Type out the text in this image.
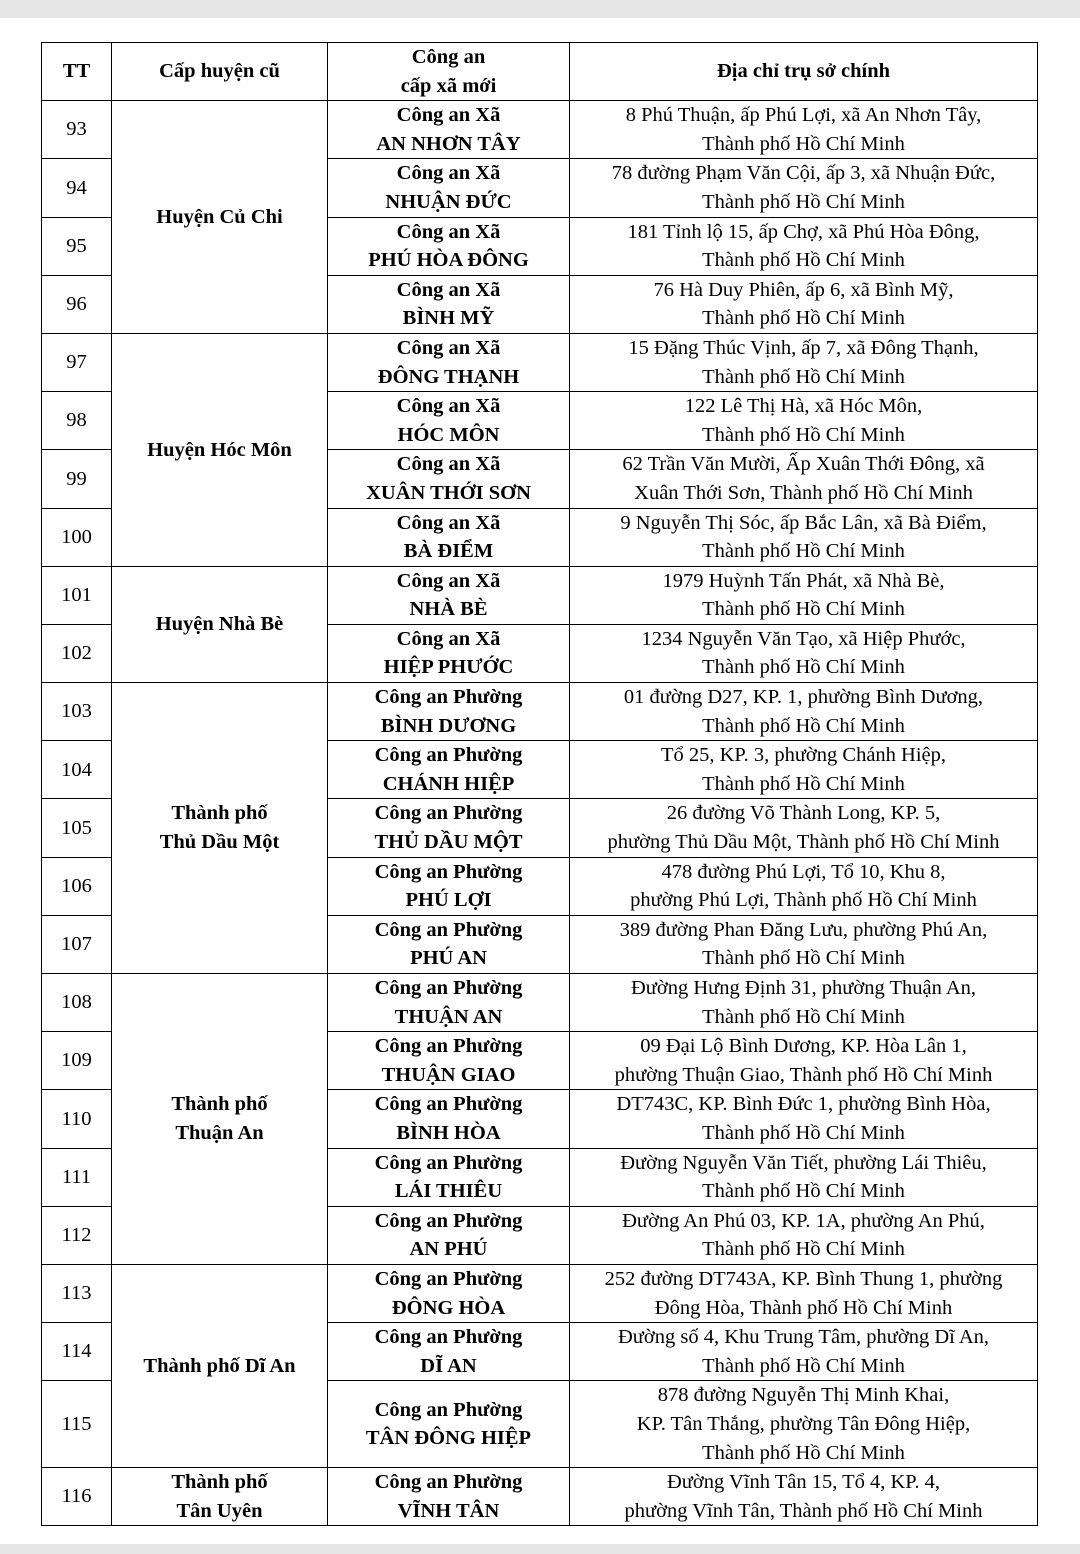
TT	Cấp huyện cũ	Công an
cấp xã mới	Địa chỉ trụ sở chính
93	Huyện Củ Chi	Công an Xã
AN NHƠN TÂY	8 Phú Thuận, ấp Phú Lợi, xã An Nhơn Tây,
Thành phố Hồ Chí Minh

94		Công an Xã
NHUẬN ĐỨC	78 đường Phạm Văn Cội, ấp 3, xã Nhuận Đức,
Thành phố Hồ Chí Minh

95		Công an Xã
PHÚ HÒA ĐÔNG	181 Tỉnh lộ 15, ấp Chợ, xã Phú Hòa Đông,
Thành phố Hồ Chí Minh

96		Công an Xã
BÌNH MỸ	76 Hà Duy Phiên, ấp 6, xã Bình Mỹ,
Thành phố Hồ Chí Minh

97	Huyện Hóc Môn	Công an Xã
ĐÔNG THẠNH	15 Đặng Thúc Vịnh, ấp 7, xã Đông Thạnh,
Thành phố Hồ Chí Minh

98		Công an Xã
HÓC MÔN	122 Lê Thị Hà, xã Hóc Môn,
Thành phố Hồ Chí Minh

99		Công an Xã
XUÂN THỚI SƠN	62 Trần Văn Mười, Ấp Xuân Thới Đông, xã
Xuân Thới Sơn, Thành phố Hồ Chí Minh

100		Công an Xã
BÀ ĐIỂM	9 Nguyễn Thị Sóc, ấp Bắc Lân, xã Bà Điểm,
Thành phố Hồ Chí Minh

101	Huyện Nhà Bè	Công an Xã
NHÀ BÈ	1979 Huỳnh Tấn Phát, xã Nhà Bè,
Thành phố Hồ Chí Minh

102		Công an Xã
HIỆP PHƯỚC	1234 Nguyễn Văn Tạo, xã Hiệp Phước,
Thành phố Hồ Chí Minh

103	Thành phố
Thủ Dầu Một	Công an Phường
BÌNH DƯƠNG	01 đường D27, KP. 1, phường Bình Dương,
Thành phố Hồ Chí Minh

104		Công an Phường
CHÁNH HIỆP	Tổ 25, KP. 3, phường Chánh Hiệp,
Thành phố Hồ Chí Minh

105		Công an Phường
THỦ DẦU MỘT	26 đường Võ Thành Long, KP. 5,
phường Thủ Dầu Một, Thành phố Hồ Chí Minh

106		Công an Phường
PHÚ LỢI	478 đường Phú Lợi, Tổ 10, Khu 8,
phường Phú Lợi, Thành phố Hồ Chí Minh

107		Công an Phường
PHÚ AN	389 đường Phan Đăng Lưu, phường Phú An,
Thành phố Hồ Chí Minh

108	Thành phố
Thuận An	Công an Phường
THUẬN AN	Đường Hưng Định 31, phường Thuận An,
Thành phố Hồ Chí Minh

109		Công an Phường
THUẬN GIAO	09 Đại Lộ Bình Dương, KP. Hòa Lân 1,
phường Thuận Giao, Thành phố Hồ Chí Minh

110		Công an Phường
BÌNH HÒA	DT743C, KP. Bình Đức 1, phường Bình Hòa,
Thành phố Hồ Chí Minh

111		Công an Phường
LÁI THIÊU	Đường Nguyễn Văn Tiết, phường Lái Thiêu,
Thành phố Hồ Chí Minh

112		Công an Phường
AN PHÚ	Đường An Phú 03, KP. 1A, phường An Phú,
Thành phố Hồ Chí Minh

113	Thành phố Dĩ An	Công an Phường
ĐÔNG HÒA	252 đường DT743A, KP. Bình Thung 1, phường
Đông Hòa, Thành phố Hồ Chí Minh

114		Công an Phường
DĨ AN	Đường số 4, Khu Trung Tâm, phường Dĩ An,
Thành phố Hồ Chí Minh

115		Công an Phường
TÂN ĐÔNG HIỆP	878 đường Nguyễn Thị Minh Khai,
KP. Tân Thắng, phường Tân Đông Hiệp,
Thành phố Hồ Chí Minh

116	Thành phố
Tân Uyên	Công an Phường
VĨNH TÂN	Đường Vĩnh Tân 15, Tổ 4, KP. 4,
phường Vĩnh Tân, Thành phố Hồ Chí Minh
